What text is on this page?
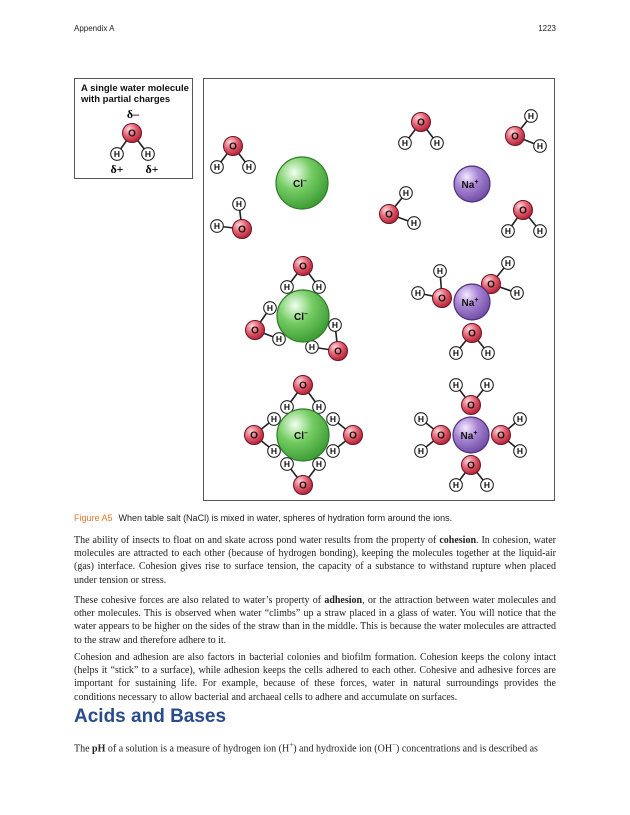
Appendix A	1223
A single water molecule with partial charges
O
H	H
O
H	H
O
H
H
O
H	H
O
H
H
O
H
H
O
H	H
Cl–	Na+
O
H	H
O
H
H
O
H
H
Cl–
O
H
H
O
H
H
O
H	H
Na+
O
H	H
O
H
H
O
H
H
O
H	H
Cl–
O
H	H
O
H
H
O
H
H
O
H	H
Na+
δ–
δ+ δ+
Figure A5 When table salt (NaCl) is mixed in water, spheres of hydration form around the ions.

The ability of insects to float on and skate across pond water results from the property of cohesion. In cohesion, water molecules are attracted to each other (because of hydrogen bonding), keeping the molecules together at the liquid-air (gas) interface. Cohesion gives rise to surface tension, the capacity of a substance to withstand rupture when placed under tension or stress.

These cohesive forces are also related to water’s property of adhesion, or the attraction between water molecules and other molecules. This is observed when water “climbs” up a straw placed in a glass of water. You will notice that the water appears to be higher on the sides of the straw than in the middle. This is because the water molecules are attracted to the straw and therefore adhere to it.

Cohesion and adhesion are also factors in bacterial colonies and biofilm formation. Cohesion keeps the colony intact (helps it “stick” to a surface), while adhesion keeps the cells adhered to each other. Cohesive and adhesive forces are important for sustaining life. For example, because of these forces, water in natural surroundings provides the conditions necessary to allow bacterial and archaeal cells to adhere and accumulate on surfaces.

Acids and Bases

The pH of a solution is a measure of hydrogen ion (H+) and hydroxide ion (OH−) concentrations and is described as
